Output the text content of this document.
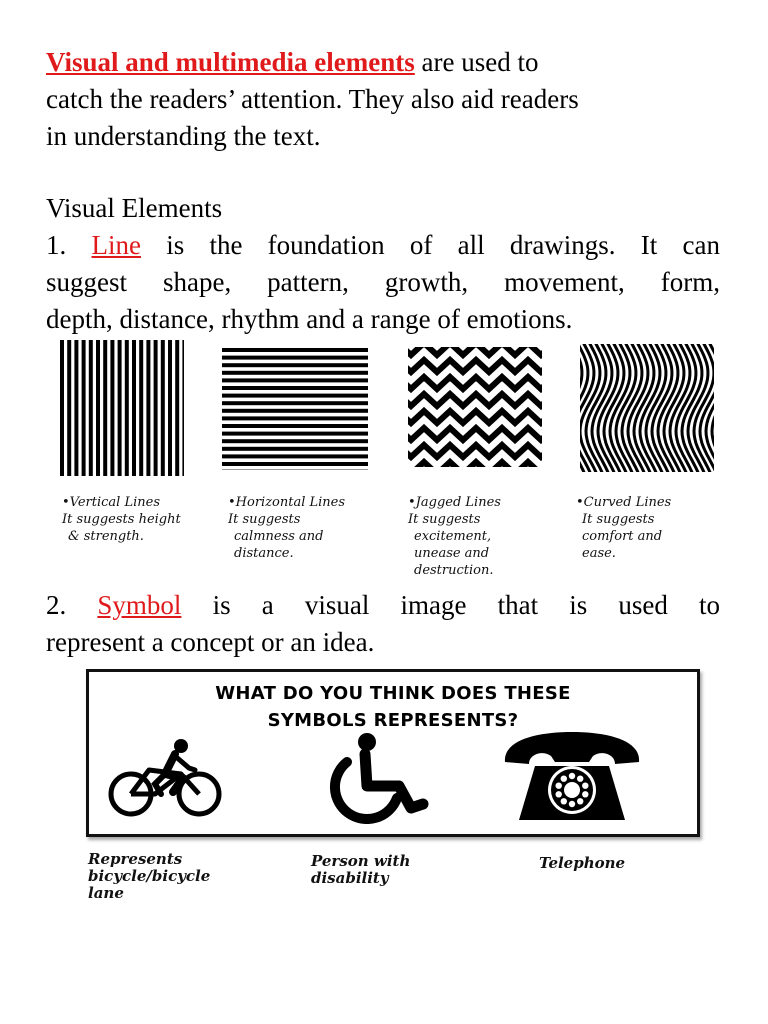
Visual and multimedia elements are used to
catch the readers’ attention. They also aid readers
in understanding the text.
Visual Elements
1. Line is the foundation of all drawings. It can
suggest shape, pattern, growth, movement, form,
depth, distance, rhythm and a range of emotions.
•Vertical Lines
It suggests height
& strength.
•Horizontal Lines
It suggests
calmness and
distance.
•Jagged Lines
It suggests
excitement,
unease and
destruction.
•Curved Lines
It suggests
comfort and
ease.
2. Symbol is a visual image that is used to
represent a concept or an idea.
WHAT DO YOU THINK DOES THESE
SYMBOLS REPRESENTS?
Represents
bicycle/bicycle
lane
Person with
disability
Telephone
